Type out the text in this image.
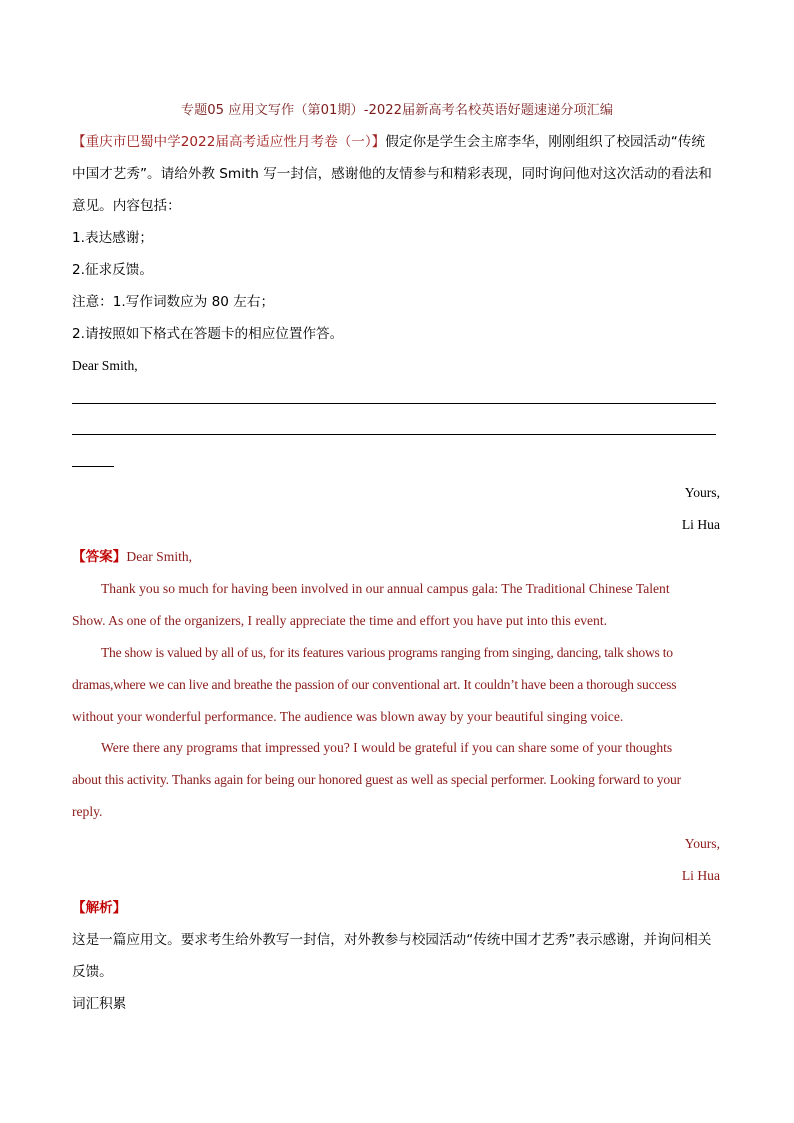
专题05 应用文写作（第01期）-2022届新高考名校英语好题速递分项汇编
【重庆市巴蜀中学2022届高考适应性月考卷（一）】假定你是学生会主席李华，刚刚组织了校园活动“传统
中国才艺秀”。请给外教 Smith 写一封信，感谢他的友情参与和精彩表现，同时询问他对这次活动的看法和
意见。内容包括：
1.表达感谢；
2.征求反馈。
注意：1.写作词数应为 80 左右；
2.请按照如下格式在答题卡的相应位置作答。
Dear Smith,
Yours,
Li Hua
【答案】Dear Smith,
Thank you so much for having been involved in our annual campus gala: The Traditional Chinese Talent
Show. As one of the organizers, I really appreciate the time and effort you have put into this event.
The show is valued by all of us, for its features various programs ranging from singing, dancing, talk shows to
dramas,where we can live and breathe the passion of our conventional art. It couldn’t have been a thorough success
without your wonderful performance. The audience was blown away by your beautiful singing voice.
Were there any programs that impressed you? I would be grateful if you can share some of your thoughts
about this activity. Thanks again for being our honored guest as well as special performer. Looking forward to your
reply.
Yours,
Li Hua
【解析】
这是一篇应用文。要求考生给外教写一封信，对外教参与校园活动“传统中国才艺秀”表示感谢，并询问相关
反馈。
词汇积累
